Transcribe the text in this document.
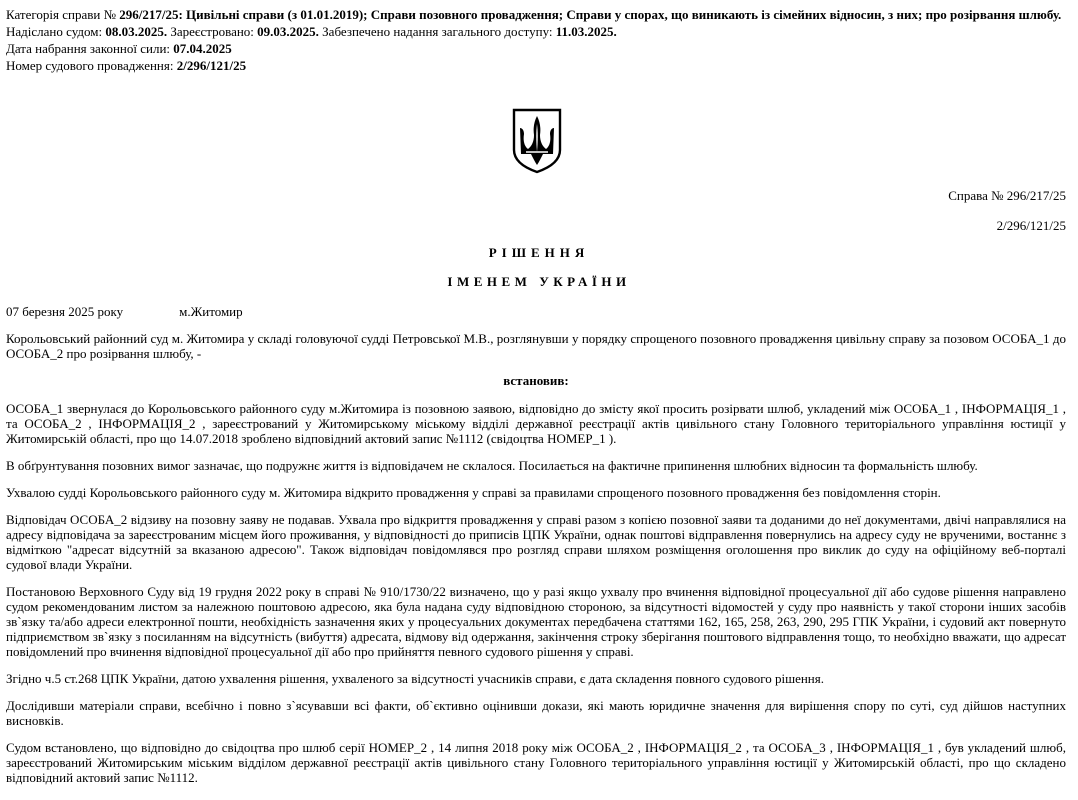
Категорія справи № 296/217/25: Цивільні справи (з 01.01.2019); Справи позовного провадження; Справи у спорах, що виникають із сімейних відносин, з них; про розірвання шлюбу.

Надіслано судом: 08.03.2025. Зареєстровано: 09.03.2025. Забезпечено надання загального доступу: 11.03.2025.

Дата набрання законної сили: 07.04.2025

Номер судового провадження: 2/296/121/25

Справа № 296/217/25
2/296/121/25
РІШЕННЯ
ІМЕНЕМ УКРАЇНИ
07 березня 2025 року	м.Житомир

Корольовський районний суд м. Житомира у складі головуючої судді Петровської М.В., розглянувши у порядку спрощеного позовного провадження цивільну справу за позовом ОСОБА_1 до ОСОБА_2 про розірвання шлюбу, -

встановив:

ОСОБА_1 звернулася до Корольовського районного суду м.Житомира із позовною заявою, відповідно до змісту якої просить розірвати шлюб, укладений між ОСОБА_1 , ІНФОРМАЦІЯ_1 , та ОСОБА_2 , ІНФОРМАЦІЯ_2 , зареєстрований у Житомирському міському відділі державної реєстрації актів цивільного стану Головного територіального управління юстиції у Житомирській області, про що 14.07.2018 зроблено відповідний актовий запис №1112 (свідоцтва НОМЕР_1 ).

В обґрунтування позовних вимог зазначає, що подружнє життя із відповідачем не склалося. Посилається на фактичне припинення шлюбних відносин та формальність шлюбу.

Ухвалою судді Корольовського районного суду м. Житомира відкрито провадження у справі за правилами спрощеного позовного провадження без повідомлення сторін.

Відповідач ОСОБА_2 відзиву на позовну заяву не подавав. Ухвала про відкриття провадження у справі разом з копією позовної заяви та доданими до неї документами, двічі направлялися на адресу відповідача за зареєстрованим місцем його проживання, у відповідності до приписів ЦПК України, однак поштові відправлення повернулись на адресу суду не врученими, востаннє з відміткою "адресат відсутній за вказаною адресою". Також відповідач повідомлявся про розгляд справи шляхом розміщення оголошення про виклик до суду на офіційному веб-порталі судової влади України.

Постановою Верховного Суду від 19 грудня 2022 року в справі № 910/1730/22 визначено, що у разі якщо ухвалу про вчинення відповідної процесуальної дії або судове рішення направлено судом рекомендованим листом за належною поштовою адресою, яка була надана суду відповідною стороною, за відсутності відомостей у суду про наявність у такої сторони інших засобів зв`язку та/або адреси електронної пошти, необхідність зазначення яких у процесуальних документах передбачена статтями 162, 165, 258, 263, 290, 295 ГПК України, і судовий акт повернуто підприємством зв`язку з посиланням на відсутність (вибуття) адресата, відмову від одержання, закінчення строку зберігання поштового відправлення тощо, то необхідно вважати, що адресат повідомлений про вчинення відповідної процесуальної дії або про прийняття певного судового рішення у справі.

Згідно ч.5 ст.268 ЦПК України, датою ухвалення рішення, ухваленого за відсутності учасників справи, є дата складення повного судового рішення.

Дослідивши матеріали справи, всебічно і повно з`ясувавши всі факти, об`єктивно оцінивши докази, які мають юридичне значення для вирішення спору по суті, суд дійшов наступних висновків.

Судом встановлено, що відповідно до свідоцтва про шлюб серії НОМЕР_2 , 14 липня 2018 року між ОСОБА_2 , ІНФОРМАЦІЯ_2 , та ОСОБА_3 , ІНФОРМАЦІЯ_1 , був укладений шлюб, зареєстрований Житомирським міським відділом державної реєстрації актів цивільного стану Головного територіального управління юстиції у Житомирській області, про що складено відповідний актовий запис №1112.
